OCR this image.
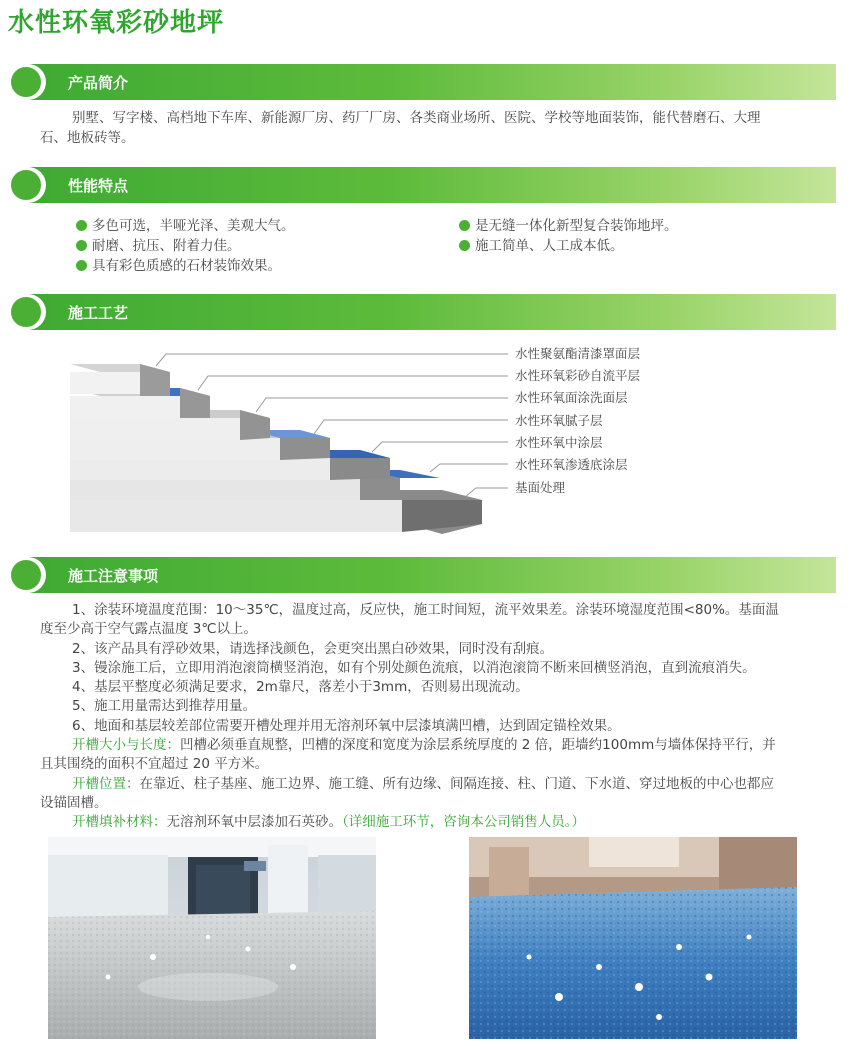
水性环氧彩砂地坪
产品简介
别墅、写字楼、高档地下车库、新能源厂房、药厂厂房、各类商业场所、医院、学校等地面装饰，能代替磨石、大理
石、地板砖等。
性能特点
多色可选，半哑光泽、美观大气。	是无缝一体化新型复合装饰地坪。
耐磨、抗压、附着力佳。	施工简单、人工成本低。
具有彩色质感的石材装饰效果。
施工工艺
水性聚氨酯清漆罩面层
水性环氧彩砂自流平层
水性环氧面涂洗面层
水性环氧腻子层
水性环氧中涂层
水性环氧渗透底涂层
基面处理
施工注意事项

1、涂装环境温度范围：10～35℃，温度过高，反应快，施工时间短，流平效果差。涂装环境湿度范围<80%。基面温

度至少高于空气露点温度 3℃以上。

2、该产品具有浮砂效果，请选择浅颜色，会更突出黑白砂效果，同时没有刮痕。

3、镘涂施工后，立即用消泡滚筒横竖消泡，如有个别处颜色流痕，以消泡滚筒不断来回横竖消泡，直到流痕消失。

4、基层平整度必须满足要求，2m靠尺，落差小于3mm，否则易出现流动。

5、施工用量需达到推荐用量。

6、地面和基层较差部位需要开槽处理并用无溶剂环氧中层漆填满凹槽，达到固定锚栓效果。

开槽大小与长度：凹槽必须垂直规整，凹槽的深度和宽度为涂层系统厚度的 2 倍，距墙约100mm与墙体保持平行，并

且其围绕的面积不宜超过 20 平方米。

开槽位置：在靠近、柱子基座、施工边界、施工缝、所有边缘、间隔连接、柱、门道、下水道、穿过地板的中心也都应

设锚固槽。

开槽填补材料：无溶剂环氧中层漆加石英砂。（详细施工环节，咨询本公司销售人员。）
